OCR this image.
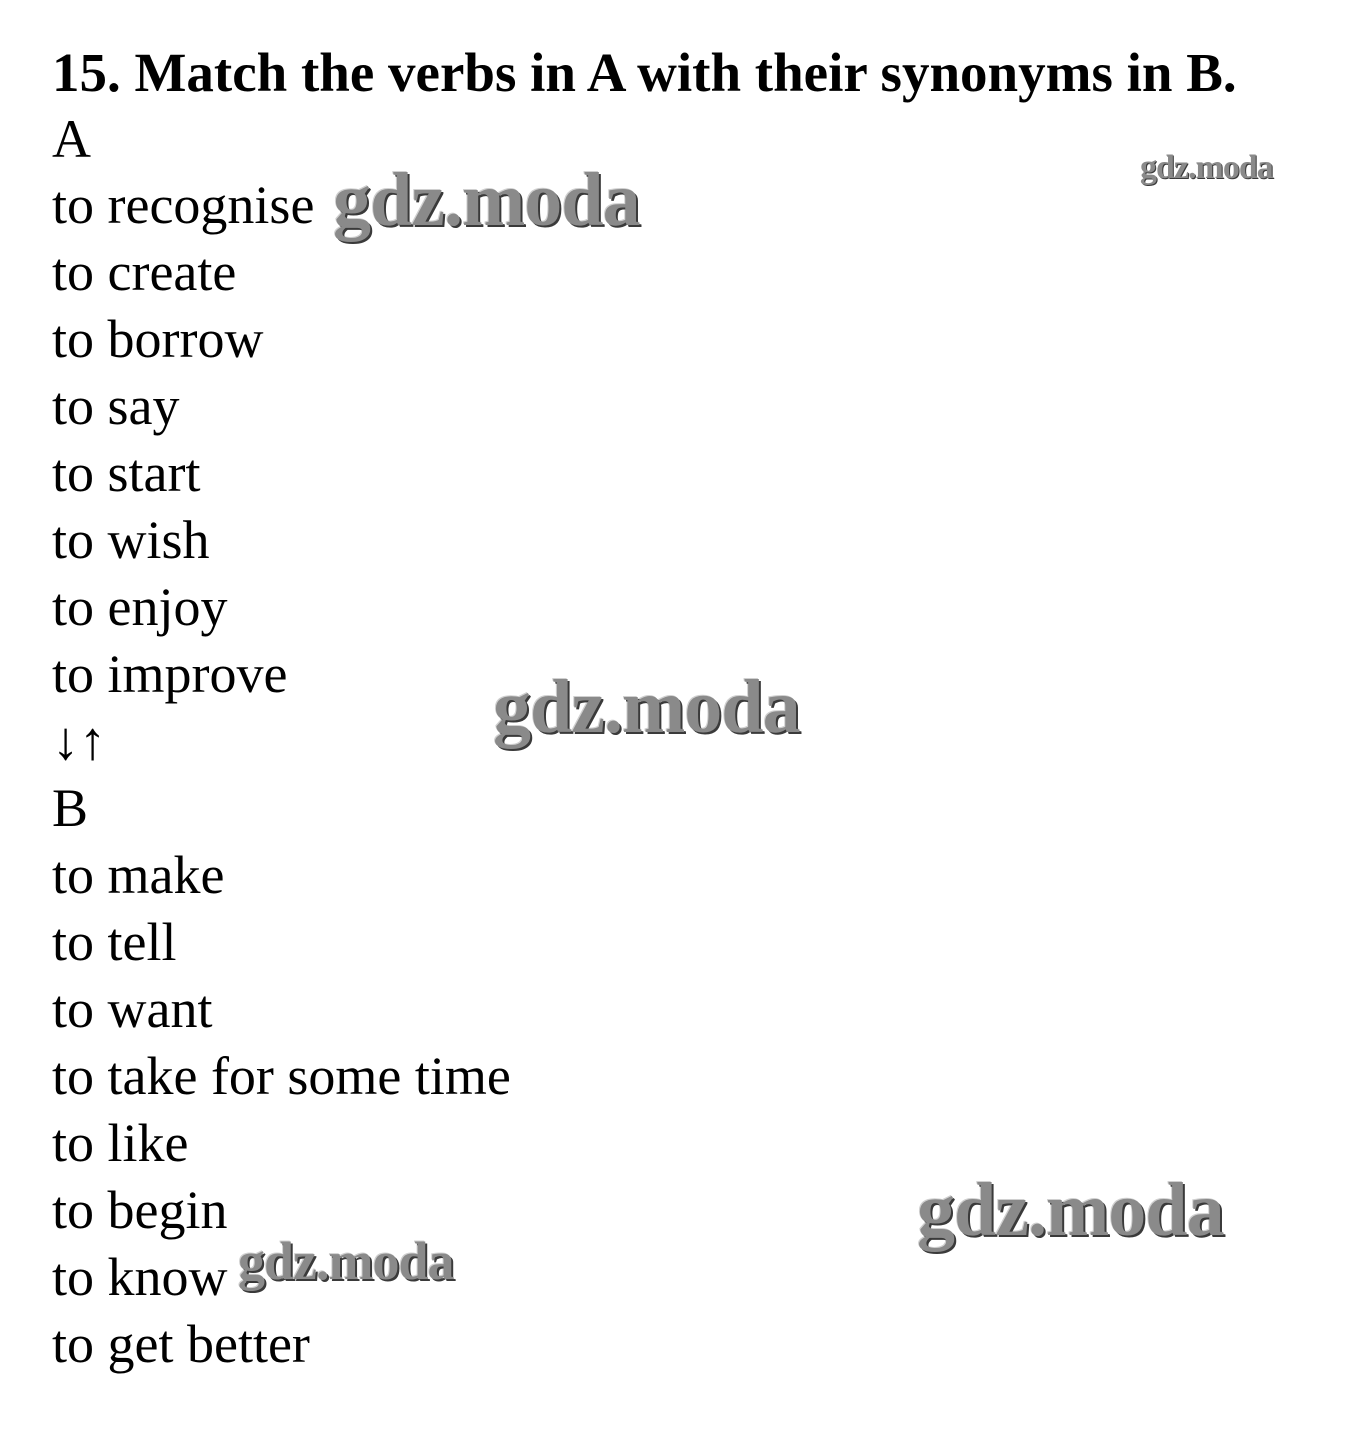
15. Match the verbs in A with their synonyms in B.
A
to recognise
to create
to borrow
to say
to start
to wish
to enjoy
to improve
↓↑
B
to make
to tell
to want
to take for some time
to like
to begin
to know
to get better
gdz.moda
gdz.moda
gdz.moda
gdz.moda
gdz.moda
